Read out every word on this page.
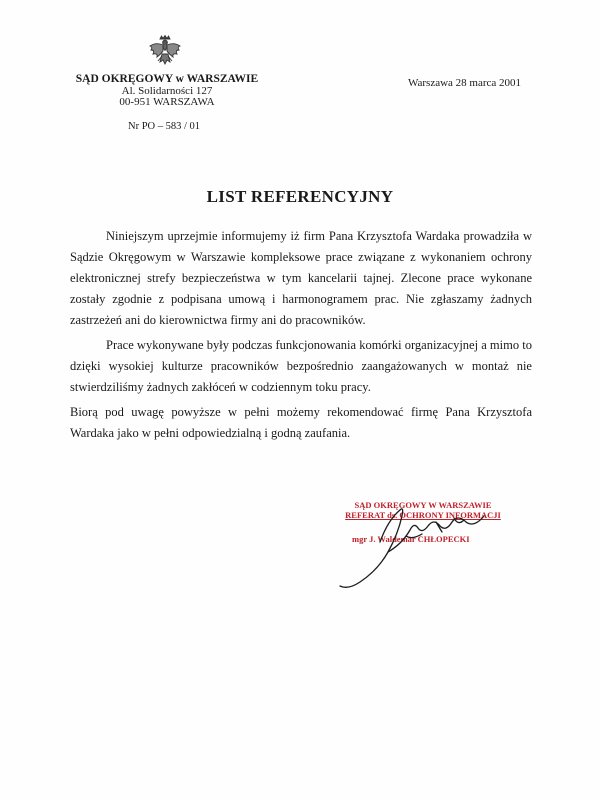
SĄD OKRĘGOWY w WARSZAWIE
Al. Solidarności 127
00-951 WARSZAWA
Nr PO – 583 / 01
Warszawa 28 marca 2001
LIST REFERENCYJNY

Niniejszym uprzejmie informujemy iż firm Pana Krzysztofa Wardaka prowadziła w Sądzie Okręgowym w Warszawie kompleksowe prace związane z wykonaniem ochrony elektronicznej strefy bezpieczeństwa w tym kancelarii tajnej. Zlecone prace wykonane zostały zgodnie z podpisana umową i harmonogramem prac. Nie zgłaszamy żadnych zastrzeżeń ani do kierownictwa firmy ani do pracowników.

Prace wykonywane były podczas funkcjonowania komórki organizacyjnej a mimo to dzięki wysokiej kulturze pracowników bezpośrednio zaangażowanych w montaż nie stwierdziliśmy żadnych zakłóceń w codziennym toku pracy.

Biorą pod uwagę powyższe w pełni możemy rekomendować firmę Pana Krzysztofa Wardaka jako w pełni odpowiedzialną i godną zaufania.

SĄD OKRĘGOWY W WARSZAWIE
REFERAT ds. OCHRONY INFORMACJI
mgr J. Waldemar CHŁOPECKI
